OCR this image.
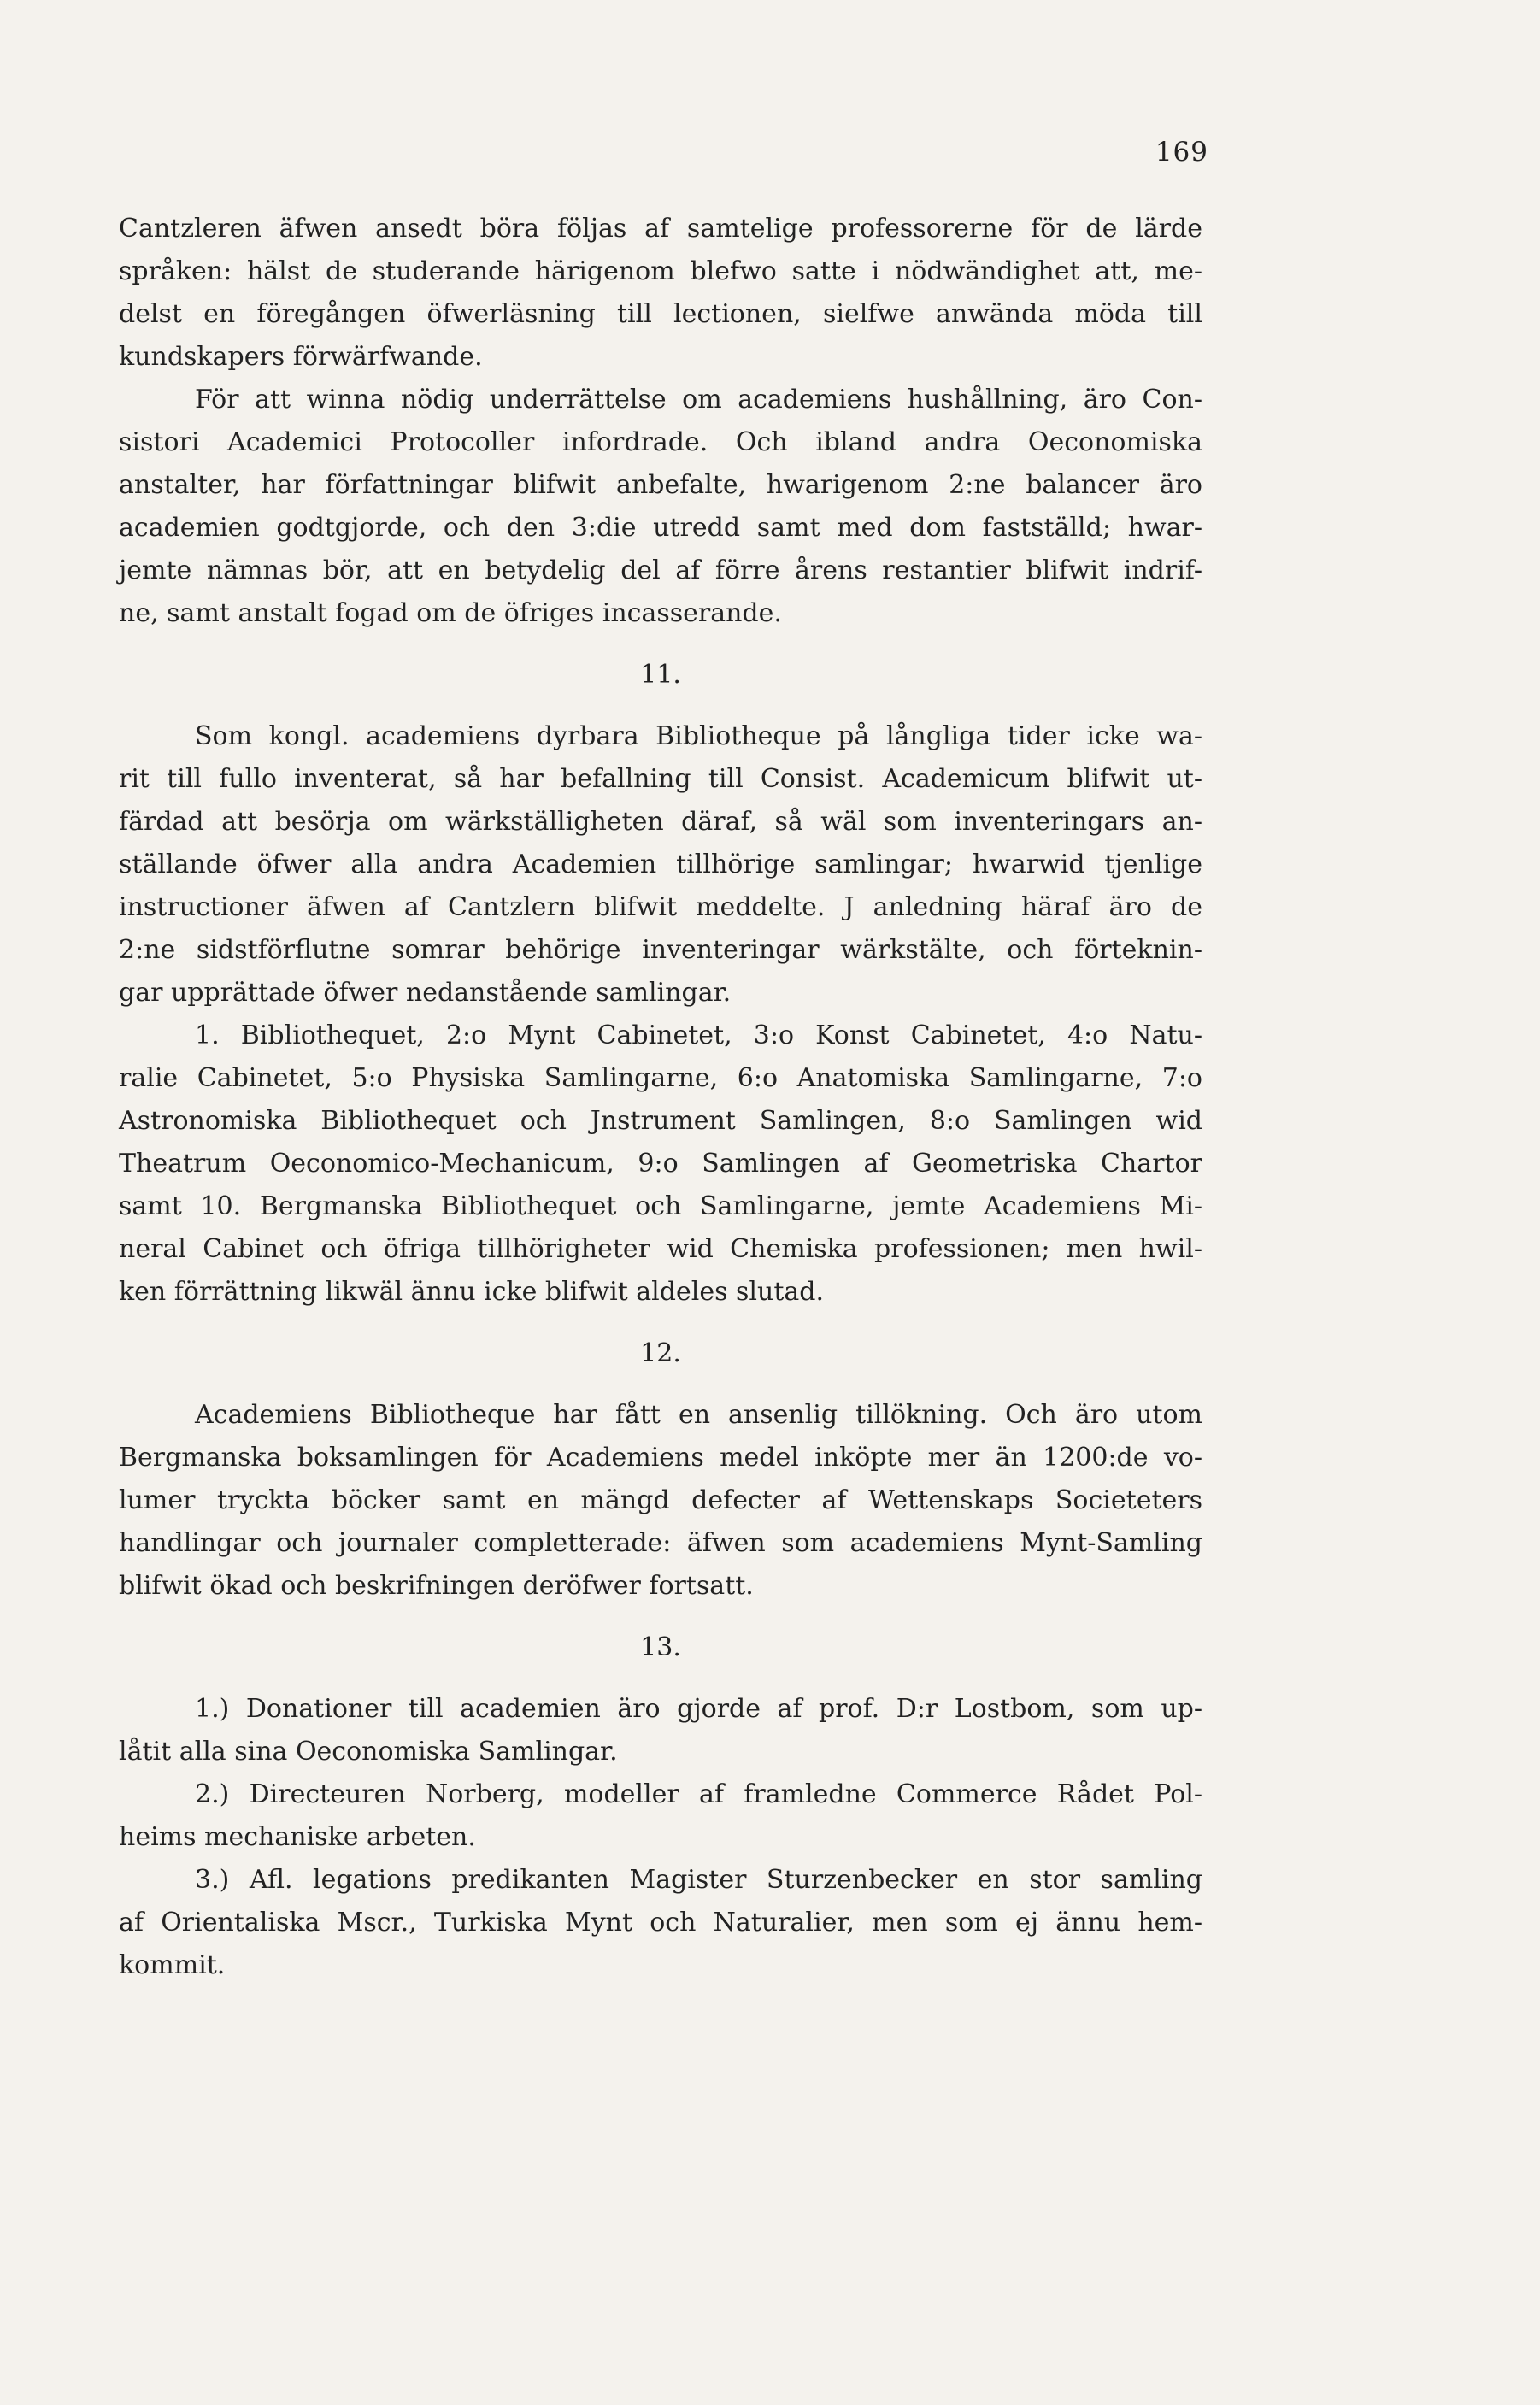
169
Cantzleren äfwen ansedt böra följas af samtelige professorerne för de lärde
språken: hälst de studerande härigenom blefwo satte i nödwändighet att, me-
delst en föregången öfwerläsning till lectionen, sielfwe anwända möda till
kundskapers förwärfwande.
För att winna nödig underrättelse om academiens hushållning, äro Con-
sistori Academici Protocoller infordrade. Och ibland andra Oeconomiska
anstalter, har författningar blifwit anbefalte, hwarigenom 2:ne balancer äro
academien godtgjorde, och den 3:die utredd samt med dom fastställd; hwar-
jemte nämnas bör, att en betydelig del af förre årens restantier blifwit indrif-
ne, samt anstalt fogad om de öfriges incasserande.
11.
Som kongl. academiens dyrbara Bibliotheque på långliga tider icke wa-
rit till fullo inventerat, så har befallning till Consist. Academicum blifwit ut-
färdad att besörja om wärkställigheten däraf, så wäl som inventeringars an-
ställande öfwer alla andra Academien tillhörige samlingar; hwarwid tjenlige
instructioner äfwen af Cantzlern blifwit meddelte. J anledning häraf äro de
2:ne sidstförflutne somrar behörige inventeringar wärkstälte, och förteknin-
gar upprättade öfwer nedanstående samlingar.
1. Bibliothequet, 2:o Mynt Cabinetet, 3:o Konst Cabinetet, 4:o Natu-
ralie Cabinetet, 5:o Physiska Samlingarne, 6:o Anatomiska Samlingarne, 7:o
Astronomiska Bibliothequet och Jnstrument Samlingen, 8:o Samlingen wid
Theatrum Oeconomico-Mechanicum, 9:o Samlingen af Geometriska Chartor
samt 10. Bergmanska Bibliothequet och Samlingarne, jemte Academiens Mi-
neral Cabinet och öfriga tillhörigheter wid Chemiska professionen; men hwil-
ken förrättning likwäl ännu icke blifwit aldeles slutad.
12.
Academiens Bibliotheque har fått en ansenlig tillökning. Och äro utom
Bergmanska boksamlingen för Academiens medel inköpte mer än 1200:de vo-
lumer tryckta böcker samt en mängd defecter af Wettenskaps Societeters
handlingar och journaler completterade: äfwen som academiens Mynt-Samling
blifwit ökad och beskrifningen deröfwer fortsatt.
13.
1.) Donationer till academien äro gjorde af prof. D:r Lostbom, som up-
låtit alla sina Oeconomiska Samlingar.
2.) Directeuren Norberg, modeller af framledne Commerce Rådet Pol-
heims mechaniske arbeten.
3.) Afl. legations predikanten Magister Sturzenbecker en stor samling
af Orientaliska Mscr., Turkiska Mynt och Naturalier, men som ej ännu hem-
kommit.
